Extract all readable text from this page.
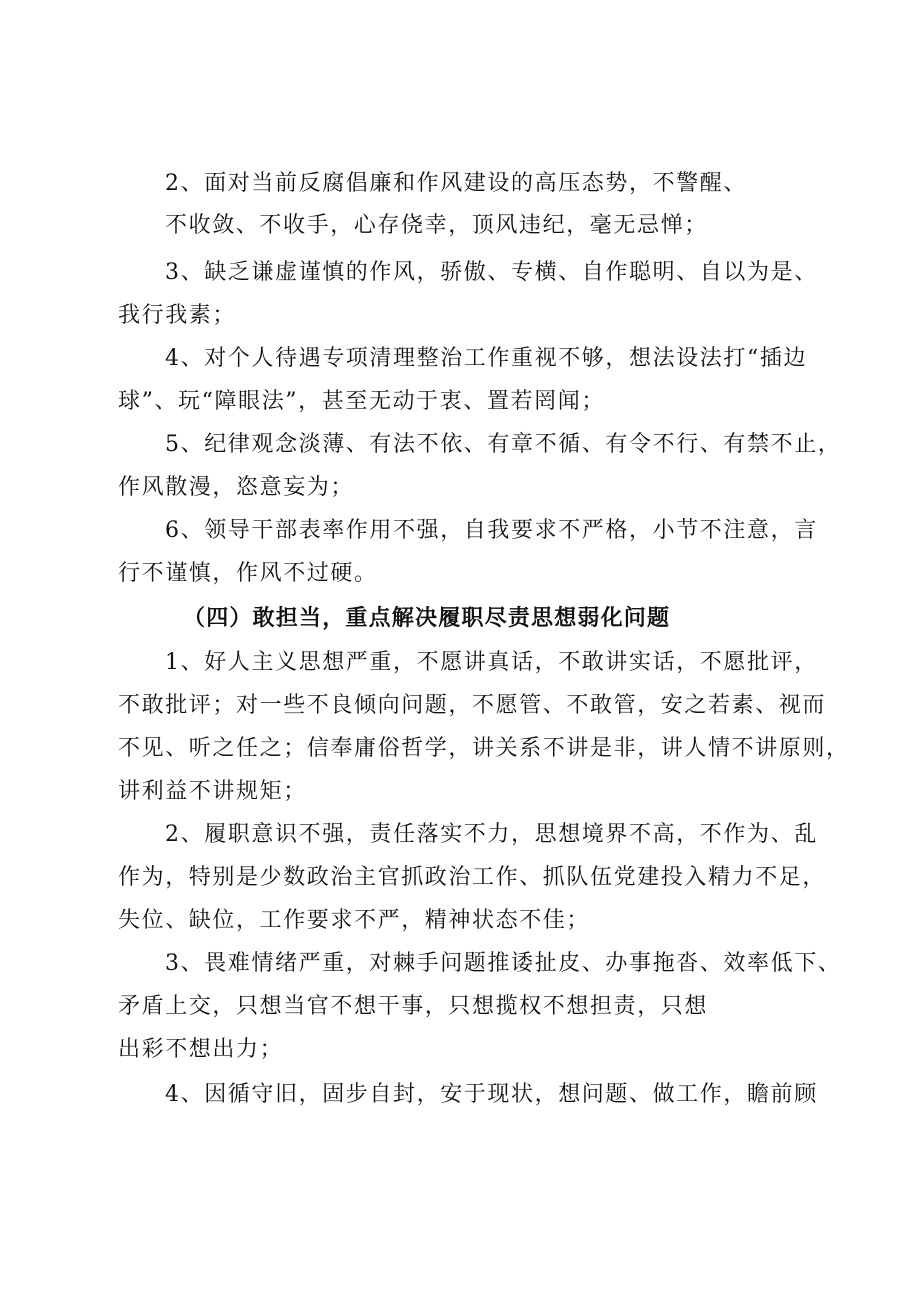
2、面对当前反腐倡廉和作风建设的高压态势，不警醒、
不收敛、不收手，心存侥幸，顶风违纪，毫无忌惮；
3、缺乏谦虚谨慎的作风，骄傲、专横、自作聪明、自以为是、
我行我素；
4、对个人待遇专项清理整治工作重视不够，想法设法打“插边
球”、玩“障眼法”，甚至无动于衷、置若罔闻；
5、纪律观念淡薄、有法不依、有章不循、有令不行、有禁不止，
作风散漫，恣意妄为；
6、领导干部表率作用不强，自我要求不严格，小节不注意，言
行不谨慎，作风不过硬。
（四）敢担当，重点解决履职尽责思想弱化问题
1、好人主义思想严重，不愿讲真话，不敢讲实话，不愿批评，
不敢批评；对一些不良倾向问题，不愿管、不敢管，安之若素、视而
不见、听之任之；信奉庸俗哲学，讲关系不讲是非，讲人情不讲原则，
讲利益不讲规矩；
2、履职意识不强，责任落实不力，思想境界不高，不作为、乱
作为，特别是少数政治主官抓政治工作、抓队伍党建投入精力不足，
失位、缺位，工作要求不严，精神状态不佳；
3、畏难情绪严重，对棘手问题推诿扯皮、办事拖沓、效率低下、
矛盾上交，只想当官不想干事，只想揽权不想担责，只想
出彩不想出力；
4、因循守旧，固步自封，安于现状，想问题、做工作，瞻前顾
